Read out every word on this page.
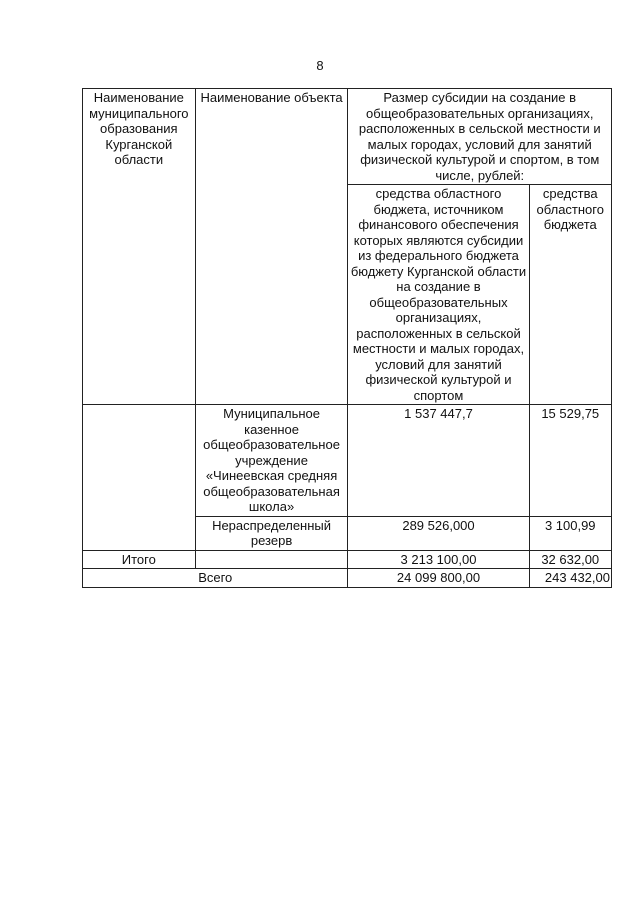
8
Наименование муниципального образования Курганской области	Наименование объекта	Размер субсидии на создание в общеобразовательных организациях, расположенных в сельской местности и малых городах, условий для занятий физической культурой и спортом, в том числе, рублей:	
		средства областного бюджета, источником финансового обеспечения которых являются субсидии из федерального бюджета бюджету Курганской области на создание в общеобразовательных организациях, расположенных в сельской местности и малых городах, условий для занятий физической культурой и спортом	средства областного бюджета
	Муниципальное казенное общеобразовательное учреждение «Чинеевская средняя общеобразовательная школа»	1 537 447,7	15 529,75
	Нераспределенный резерв	289 526,000	3 100,99
Итого		3 213 100,00	32 632,00
Всего		24 099 800,00	243 432,00
